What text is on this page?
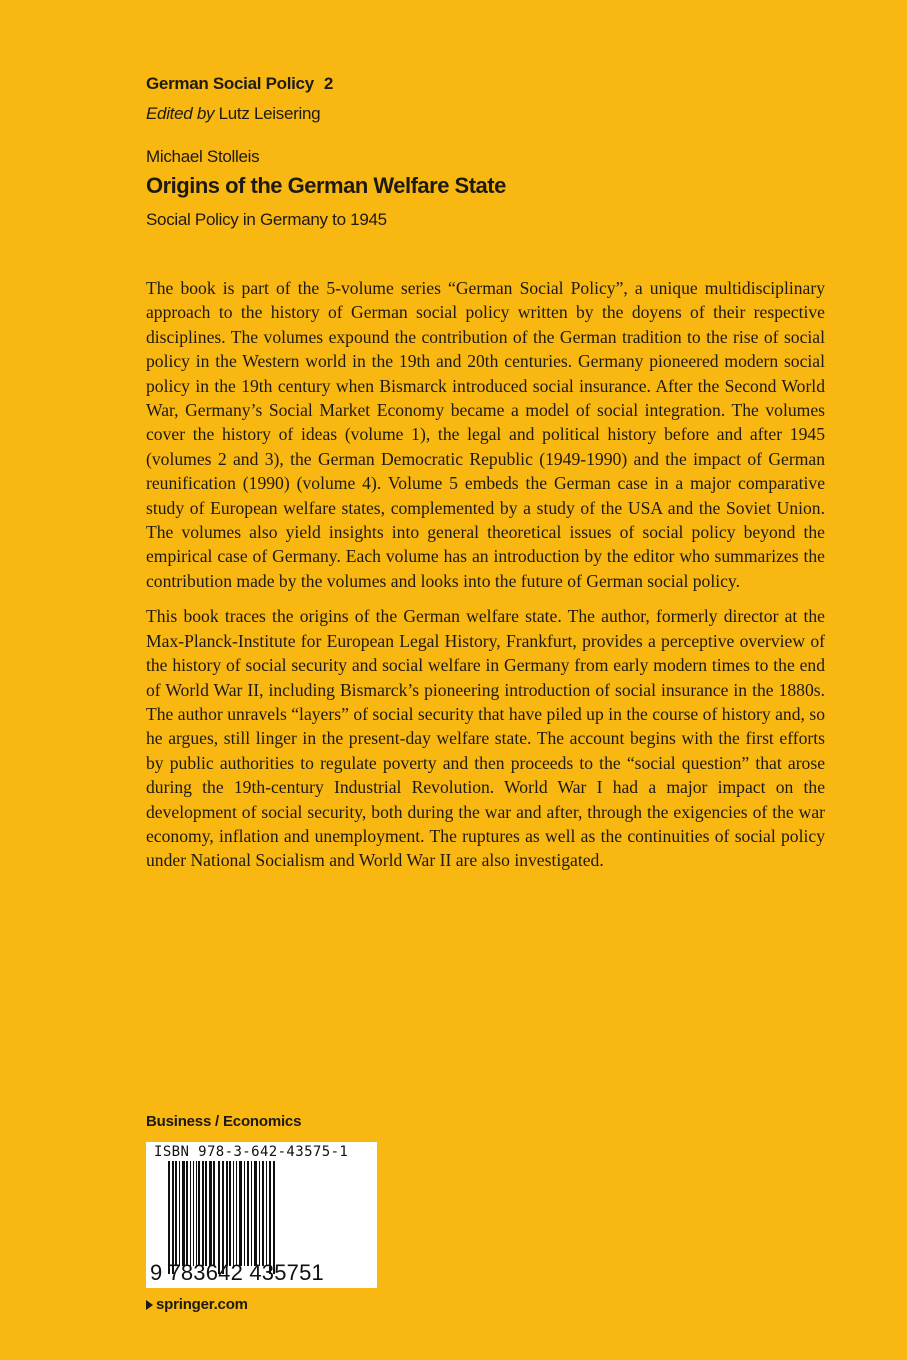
German Social Policy 2
Edited by Lutz Leisering
Michael Stolleis
Origins of the German Welfare State
Social Policy in Germany to 1945

The book is part of the 5-volume series “German Social Policy”, a unique multidisciplinary approach to the history of German social policy written by the doyens of their respective disciplines. The volumes expound the contribution of the German tradition to the rise of social policy in the Western world in the 19th and 20th centuries. Germany pioneered modern social policy in the 19th century when Bismarck introduced social insurance. After the Second World War, Germany’s Social Market Economy became a model of social integration. The volumes cover the history of ideas (volume 1), the legal and political history before and after 1945 (volumes 2 and 3), the German Democratic Republic (1949-1990) and the impact of German reunification (1990) (volume 4). Volume 5 embeds the German case in a major comparative study of European welfare states, complemented by a study of the USA and the Soviet Union. The volumes also yield insights into general theoretical issues of social policy beyond the empirical case of Germany. Each volume has an introduction by the editor who summarizes the contribution made by the volumes and looks into the future of German social policy.

This book traces the origins of the German welfare state. The author, formerly director at the Max-Planck-Institute for European Legal History, Frankfurt, provides a perceptive overview of the history of social security and social welfare in Germany from early modern times to the end of World War II, including Bismarck’s pioneering introduction of social insurance in the 1880s. The author unravels “layers” of social security that have piled up in the course of history and, so he argues, still linger in the present-day welfare state. The account begins with the first efforts by public authorities to regulate poverty and then proceeds to the “social question” that arose during the 19th-century Industrial Revolution. World War I had a major impact on the development of social security, both during the war and after, through the exigencies of the war economy, inflation and unemployment. The ruptures as well as the continuities of social policy under National Socialism and World War II are also investigated.

Business / Economics
ISBN 978-3-642-43575-1
9 783642 435751
springer.com
